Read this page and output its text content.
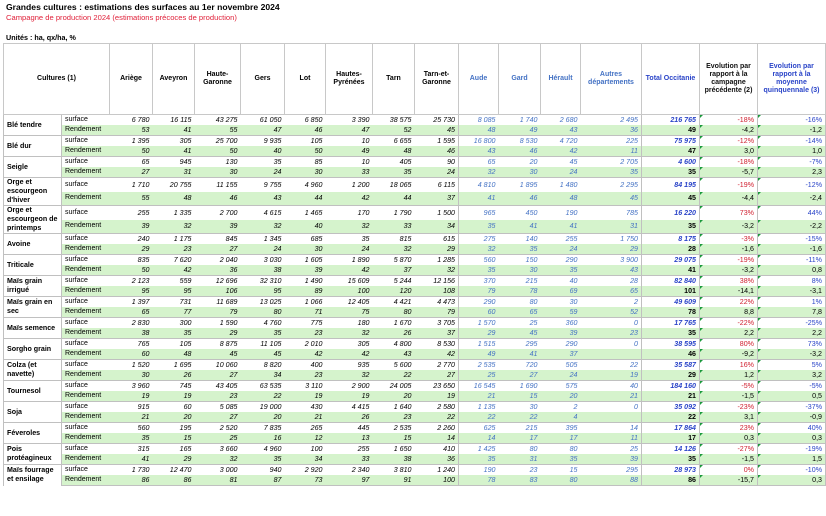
Grandes cultures : estimations des surfaces au 1er novembre 2024
Campagne de production 2024 (estimations précoces de production)
Unités : ha, qx/ha, %
Cultures (1)		Ariège	Aveyron	Haute-Garonne	Gers	Lot	Hautes-Pyrénées	Tarn	Tarn-et-Garonne	Aude	Gard	Hérault	Autres départements	Total Occitanie	Evolution par rapport à la campagne précédente (2)	Evolution par rapport à la moyenne quinquennale (3)
Blé tendre	surface	6 780	16 115	43 275	61 050	6 850	3 390	38 575	25 730	8 085	1 740	2 680	2 495	216 765	-18%	-16%
	Rendement	53	41	55	47	46	47	52	45	48	49	43	36	49	-4,2	-1,2
Blé dur	surface	1 395	305	25 700	9 935	105	10	6 655	1 595	16 800	8 530	4 720	225	75 975	-12%	-14%
	Rendement	50	41	50	40	50	49	48	46	43	46	42	11	47	3,0	1,0
Seigle	surface	65	945	130	35	85	10	405	90	65	20	45	2 705	4 600	-18%	-7%
	Rendement	27	31	30	24	30	33	35	24	32	30	24	35	35	-5,7	2,3
Orge et escourgeon d'hiver	surface	1 710	20 755	11 155	9 755	4 960	1 200	18 065	6 115	4 810	1 895	1 480	2 295	84 195	-19%	-12%
	Rendement	55	48	46	43	44	42	44	37	41	46	48	45	45	-4,4	-2,4
Orge et escourgeon de printemps	surface	255	1 335	2 700	4 615	1 465	170	1 790	1 500	965	450	190	785	16 220	73%	44%
	Rendement	39	32	39	32	40	32	33	34	35	41	41	31	35	-3,2	-2,2
Avoine	surface	240	1 175	845	1 345	685	35	815	615	275	140	255	1 750	8 175	-3%	-15%
	Rendement	29	23	27	24	30	24	32	29	32	35	24	29	28	-1,6	-1,6
Triticale	surface	835	7 620	2 040	3 030	1 605	1 890	5 870	1 285	560	150	290	3 900	29 075	-19%	-11%
	Rendement	50	42	36	38	39	42	37	32	35	30	35	43	41	-3,2	0,8
Maïs grain irrigué	surface	2 123	559	12 696	32 310	1 490	15 609	5 244	12 156	370	215	40	28	82 840	38%	8%
	Rendement	95	95	106	95	89	100	120	108	79	78	69	65	101	-14,1	-3,1
Maïs grain en sec	surface	1 397	731	11 689	13 025	1 066	12 405	4 421	4 473	290	80	30	2	49 609	22%	1%
	Rendement	65	77	79	80	71	75	80	79	60	65	59	52	78	8,8	7,8
Maïs semence	surface	2 830	300	1 590	4 760	775	180	1 670	3 705	1 570	25	360	0	17 765	-22%	-25%
	Rendement	38	35	29	35	23	32	26	37	29	45	39	23	35	2,2	2,2
Sorgho grain	surface	765	105	8 875	11 105	2 010	305	4 800	8 530	1 515	295	290	0	38 595	80%	73%
	Rendement	60	48	45	45	42	42	43	42	49	41	37		46	-9,2	-3,2
Colza (et navette)	surface	1 520	1 695	10 060	8 820	400	935	5 600	2 770	2 535	720	505	22	35 587	16%	5%
	Rendement	30	26	27	34	23	32	22	27	25	27	24	19	29	1,2	3,2
Tournesol	surface	3 960	745	43 405	63 535	3 110	2 900	24 005	23 650	16 545	1 690	575	40	184 160	-5%	-5%
	Rendement	19	19	23	22	19	19	20	19	21	15	20	21	21	-1,5	0,5
Soja	surface	915	60	5 085	19 000	430	4 415	1 640	2 580	1 135	30	2	0	35 092	-23%	-37%
	Rendement	21	20	27	20	21	26	23	22	22	22	4		22	3,1	-0,9
Féveroles	surface	560	195	2 520	7 835	265	445	2 535	2 260	625	215	395	14	17 864	23%	40%
	Rendement	35	15	25	16	12	13	15	14	14	17	17	11	17	0,3	0,3
Pois protéagineux	surface	315	165	3 660	4 960	100	255	1 650	410	1 425	80	80	25	14 126	-27%	-19%
	Rendement	41	29	32	35	34	33	38	36	35	31	35	39	35	-1,5	1,5
Maïs fourrage et ensilage	surface	1 730	12 470	3 000	940	2 920	2 340	3 810	1 240	190	23	15	295	28 973	0%	-10%
	Rendement	86	86	81	87	73	97	91	100	78	83	80	88	86	-15,7	0,3
